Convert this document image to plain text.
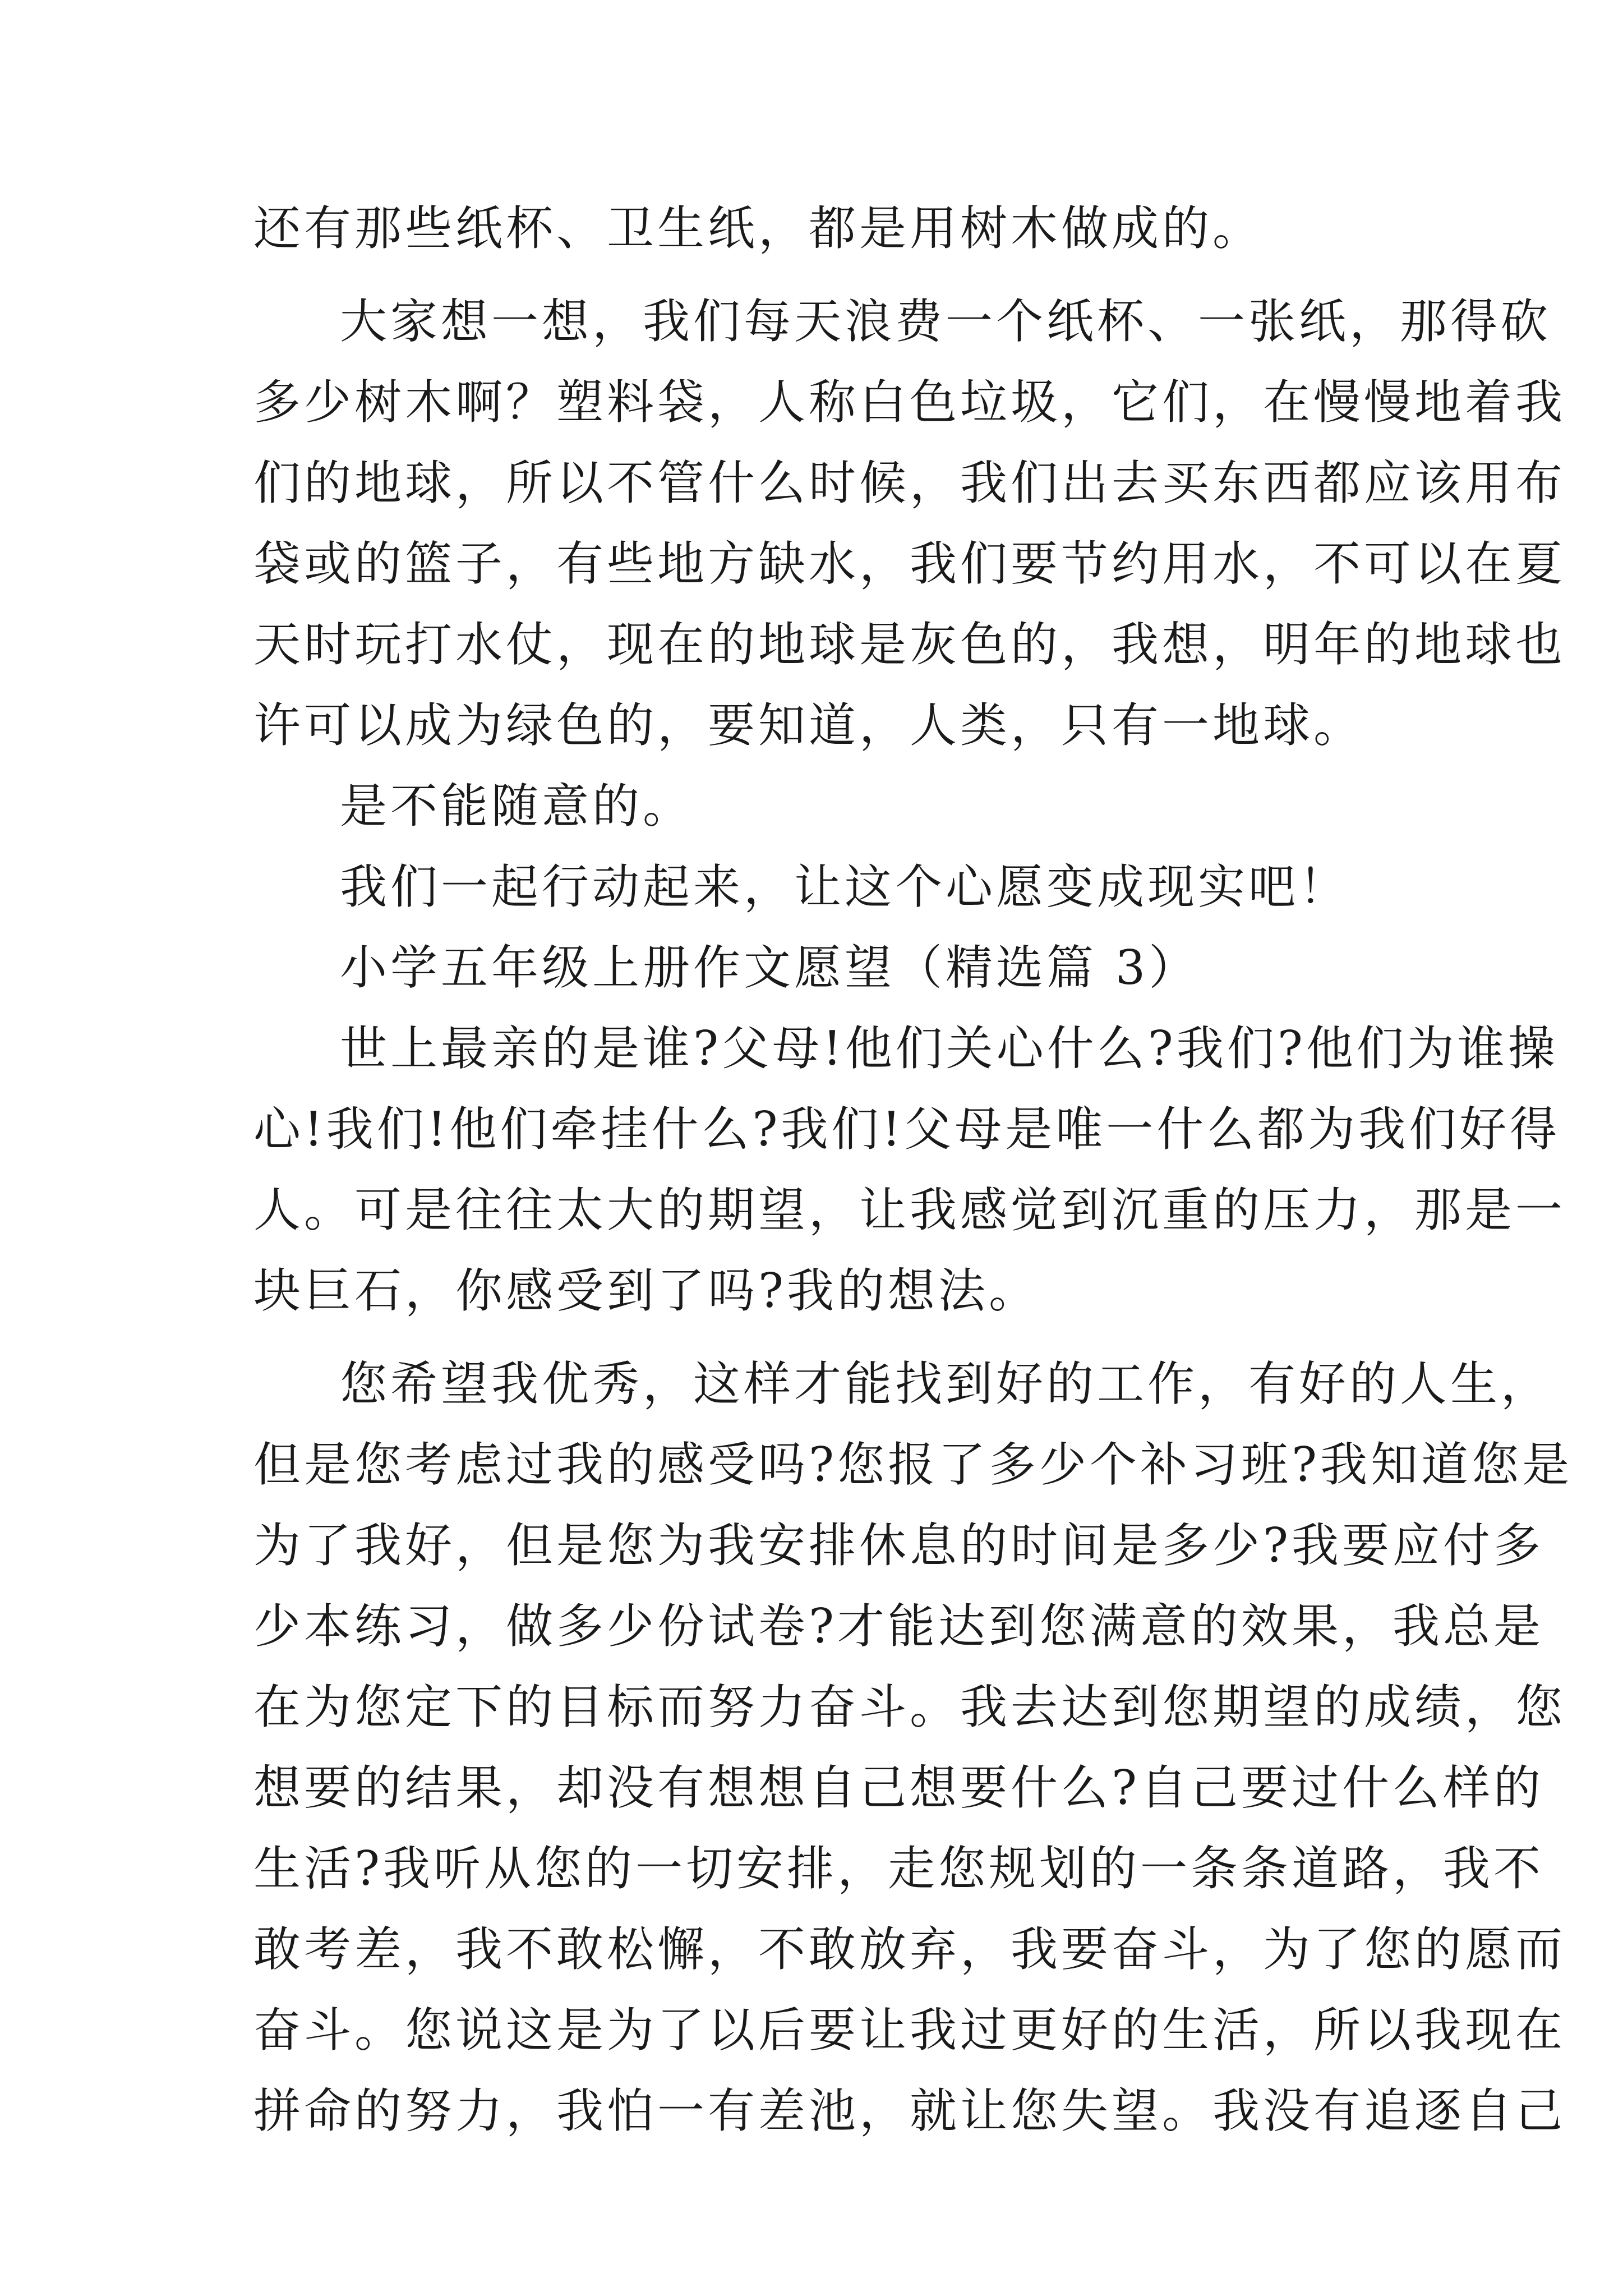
还有那些纸杯、卫生纸，都是用树木做成的。
大家想一想，我们每天浪费一个纸杯、一张纸，那得砍
多少树木啊？塑料袋，人称白色垃圾，它们，在慢慢地着我
们的地球，所以不管什么时候，我们出去买东西都应该用布
袋或的篮子，有些地方缺水，我们要节约用水，不可以在夏
天时玩打水仗，现在的地球是灰色的，我想，明年的地球也
许可以成为绿色的，要知道，人类，只有一地球。
是不能随意的。
我们一起行动起来，让这个心愿变成现实吧！
小学五年级上册作文愿望（精选篇 3）
世上最亲的是谁?父母!他们关心什么?我们?他们为谁操
心!我们!他们牵挂什么?我们!父母是唯一什么都为我们好得
人。可是往往太大的期望，让我感觉到沉重的压力，那是一
块巨石，你感受到了吗?我的想法。
您希望我优秀，这样才能找到好的工作，有好的人生，
但是您考虑过我的感受吗?您报了多少个补习班?我知道您是
为了我好，但是您为我安排休息的时间是多少?我要应付多
少本练习，做多少份试卷?才能达到您满意的效果，我总是
在为您定下的目标而努力奋斗。我去达到您期望的成绩，您
想要的结果，却没有想想自己想要什么?自己要过什么样的
生活?我听从您的一切安排，走您规划的一条条道路，我不
敢考差，我不敢松懈，不敢放弃，我要奋斗，为了您的愿而
奋斗。您说这是为了以后要让我过更好的生活，所以我现在
拼命的努力，我怕一有差池，就让您失望。我没有追逐自己
